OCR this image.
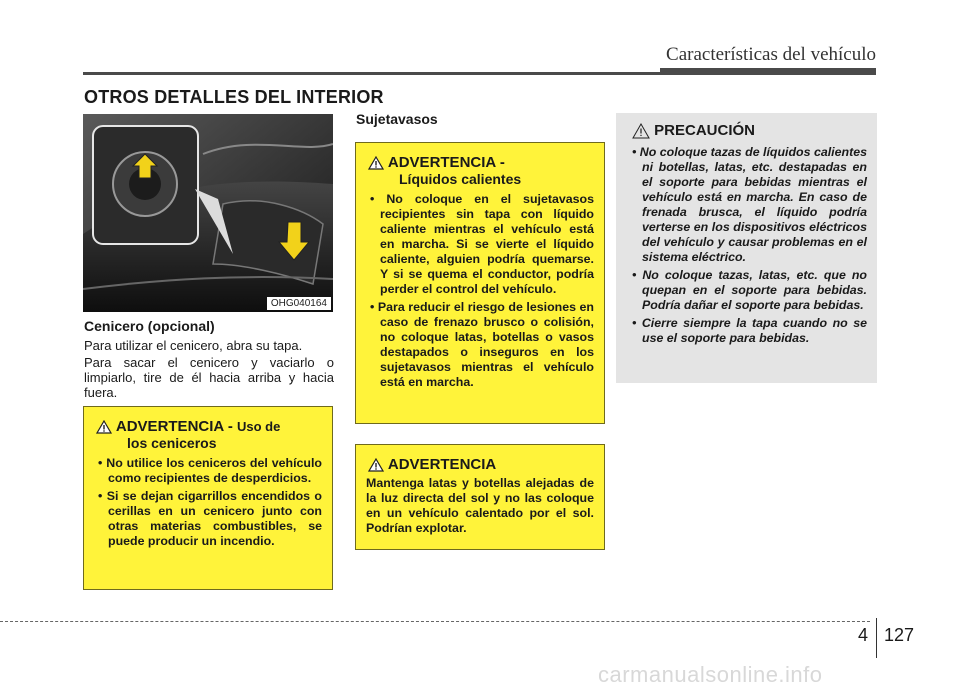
Características del vehículo
OTROS DETALLES DEL INTERIOR
OHG040164
Cenicero (opcional)
Para utilizar el cenicero, abra su tapa.
Para sacar el cenicero y vaciarlo o limpiarlo, tire de él hacia arriba y hacia fuera.
ADVERTENCIA - Uso de
los ceniceros
• No utilice los ceniceros del vehículo como recipientes de desperdicios.
• Si se dejan cigarrillos encendidos o cerillas en un cenicero junto con otras materias combustibles, se puede producir un incendio.
Sujetavasos
ADVERTENCIA -
Líquidos calientes
• No coloque en el sujetavasos recipientes sin tapa con líquido caliente mientras el vehículo está en marcha. Si se vierte el líquido caliente, alguien podría quemarse. Y si se quema el conductor, podría perder el control del vehículo.
• Para reducir el riesgo de lesiones en caso de frenazo brusco o colisión, no coloque latas, botellas o vasos destapados o inseguros en los sujetavasos mientras el vehículo está en marcha.
ADVERTENCIA

Mantenga latas y botellas alejadas de la luz directa del sol y no las coloque en un vehículo calentado por el sol. Podrían explotar.

PRECAUCIÓN
• No coloque tazas de líquidos calientes ni botellas, latas, etc. destapadas en el soporte para bebidas mientras el vehículo está en marcha. En caso de frenada brusca, el líquido podría verterse en los dispositivos eléctricos del vehículo y causar problemas en el sistema eléctrico.
• No coloque tazas, latas, etc. que no quepan en el soporte para bebidas. Podría dañar el soporte para bebidas.
• Cierre siempre la tapa cuando no se use el soporte para bebidas.
4 127
carmanualsonline.info
